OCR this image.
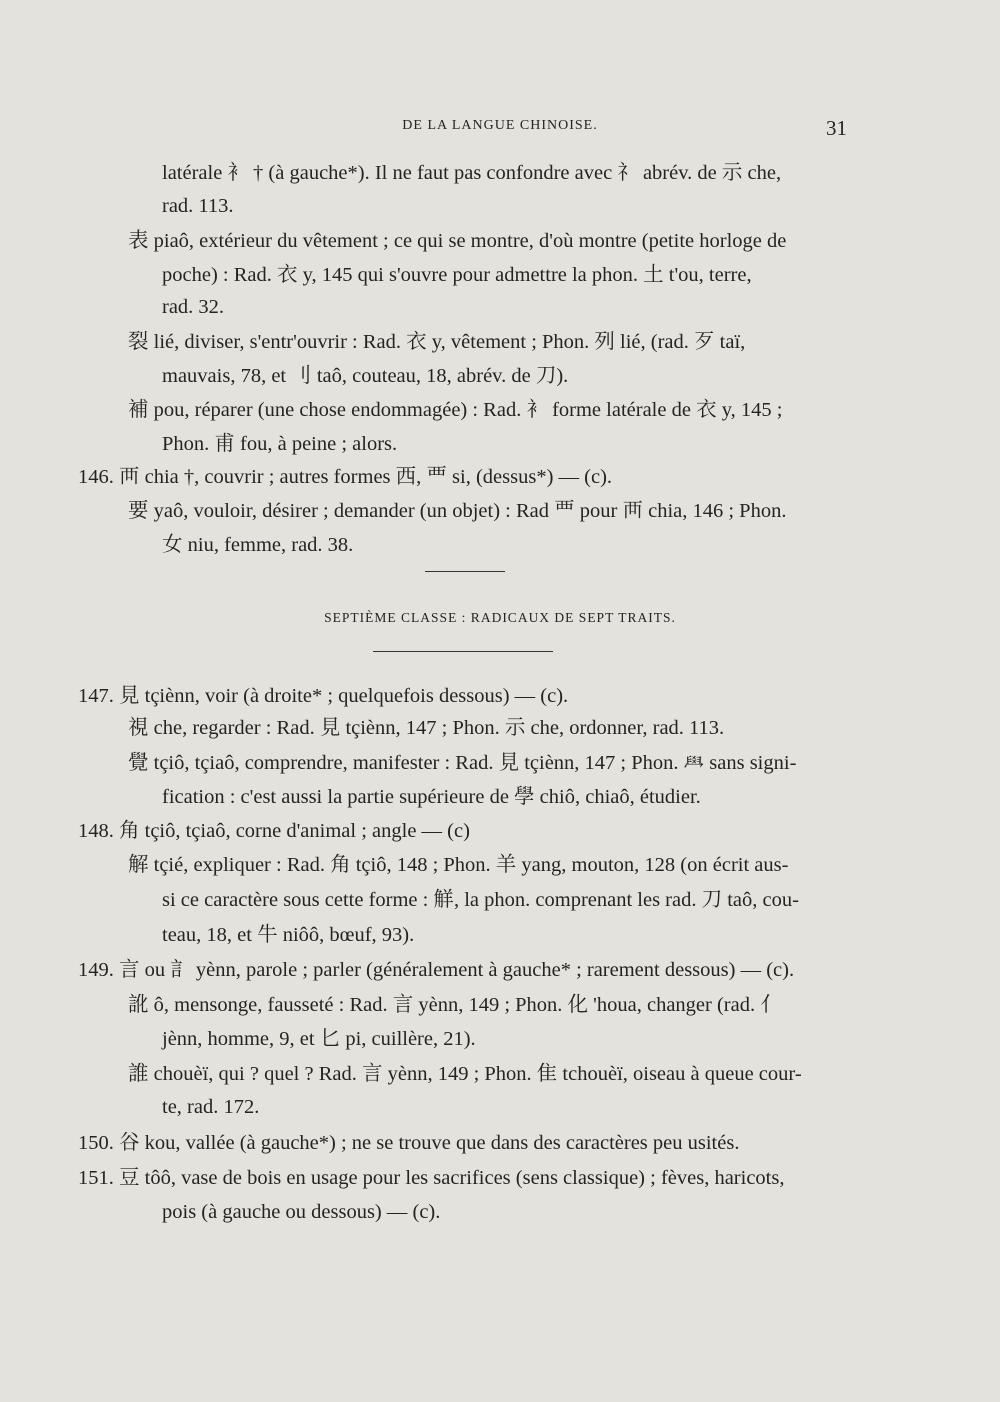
DE LA LANGUE CHINOISE.	31
latérale 衤 † (à gauche*). Il ne faut pas confondre avec 礻 abrév. de 示 che,
rad. 113.
表 piaô, extérieur du vêtement ; ce qui se montre, d'où montre (petite horloge de
poche) : Rad. 衣 y, 145 qui s'ouvre pour admettre la phon. 土 t'ou, terre,
rad. 32.
裂 lié, diviser, s'entr'ouvrir : Rad. 衣 y, vêtement ; Phon. 列 lié, (rad. 歹 taï,
mauvais, 78, et 刂 taô, couteau, 18, abrév. de 刀).
補 pou, réparer (une chose endommagée) : Rad. 衤 forme latérale de 衣 y, 145 ;
Phon. 甫 fou, à peine ; alors.
146. 襾 chia †, couvrir ; autres formes 西, 覀 si, (dessus*) — (c).
要 yaô, vouloir, désirer ; demander (un objet) : Rad 覀 pour 襾 chia, 146 ; Phon.
女 niu, femme, rad. 38.
SEPTIÈME CLASSE : RADICAUX DE SEPT TRAITS.
147. 見 tçiènn, voir (à droite* ; quelquefois dessous) — (c).
視 che, regarder : Rad. 見 tçiènn, 147 ; Phon. 示 che, ordonner, rad. 113.
覺 tçiô, tçiaô, comprendre, manifester : Rad. 見 tçiènn, 147 ; Phon. 𦥯 sans signi-
fication : c'est aussi la partie supérieure de 學 chiô, chiaô, étudier.
148. 角 tçiô, tçiaô, corne d'animal ; angle — (c)
解 tçié, expliquer : Rad. 角 tçiô, 148 ; Phon. 羊 yang, mouton, 128 (on écrit aus-
si ce caractère sous cette forme : 觧, la phon. comprenant les rad. 刀 taô, cou-
teau, 18, et 牛 niôô, bœuf, 93).
149. 言 ou 訁 yènn, parole ; parler (généralement à gauche* ; rarement dessous) — (c).
訛 ô, mensonge, fausseté : Rad. 言 yènn, 149 ; Phon. 化 'houa, changer (rad. 亻
jènn, homme, 9, et 匕 pi, cuillère, 21).
誰 chouèï, qui ? quel ? Rad. 言 yènn, 149 ; Phon. 隹 tchouèï, oiseau à queue cour-
te, rad. 172.
150. 谷 kou, vallée (à gauche*) ; ne se trouve que dans des caractères peu usités.
151. 豆 tôô, vase de bois en usage pour les sacrifices (sens classique) ; fèves, haricots,
pois (à gauche ou dessous) — (c).
